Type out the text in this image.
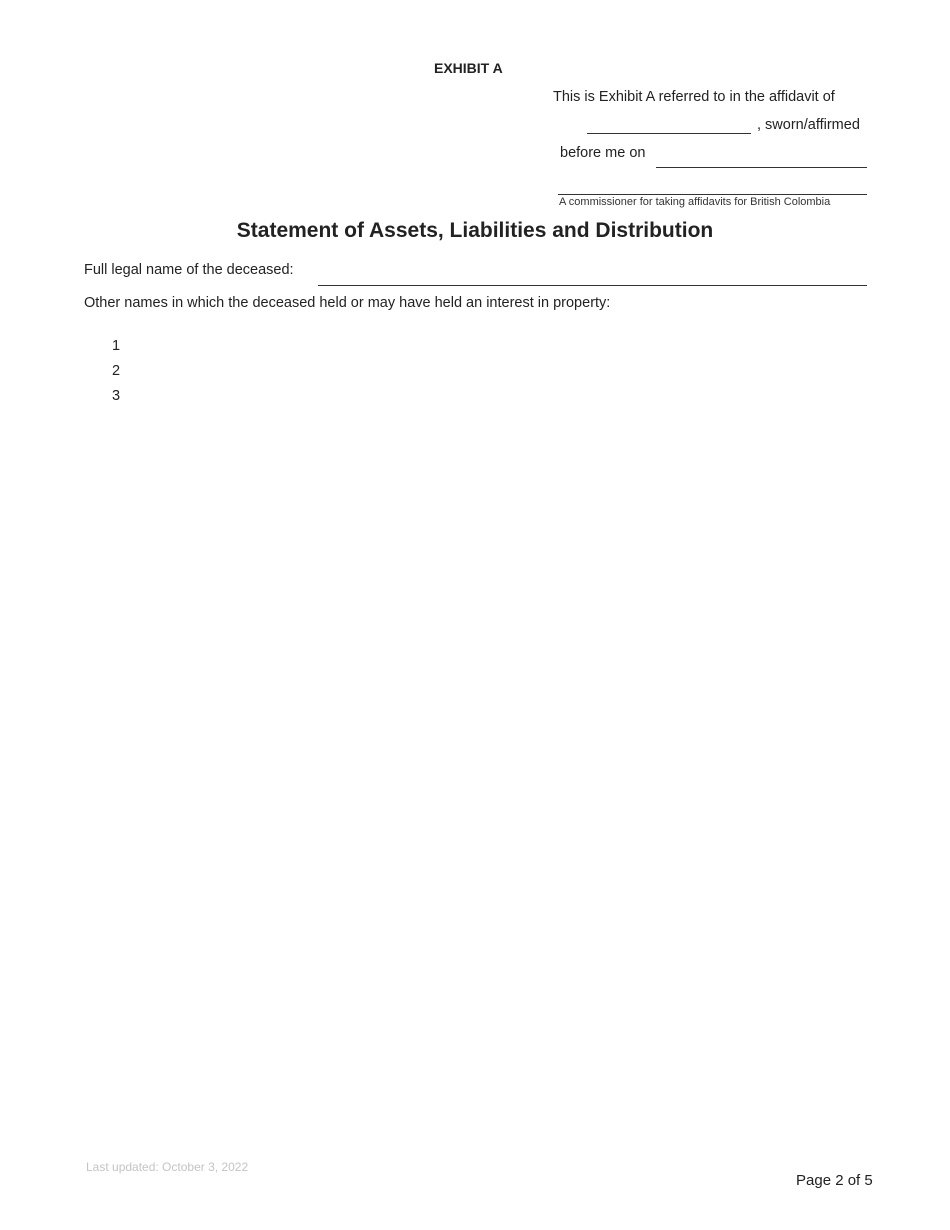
EXHIBIT A
This is Exhibit A referred to in the affidavit of
, sworn/affirmed
before me on
A commissioner for taking affidavits for British Colombia
Statement of Assets, Liabilities and Distribution
Full legal name of the deceased:
Other names in which the deceased held or may have held an interest in property:
1
2
3
Last updated: October 3, 2022
Page 2 of 5
